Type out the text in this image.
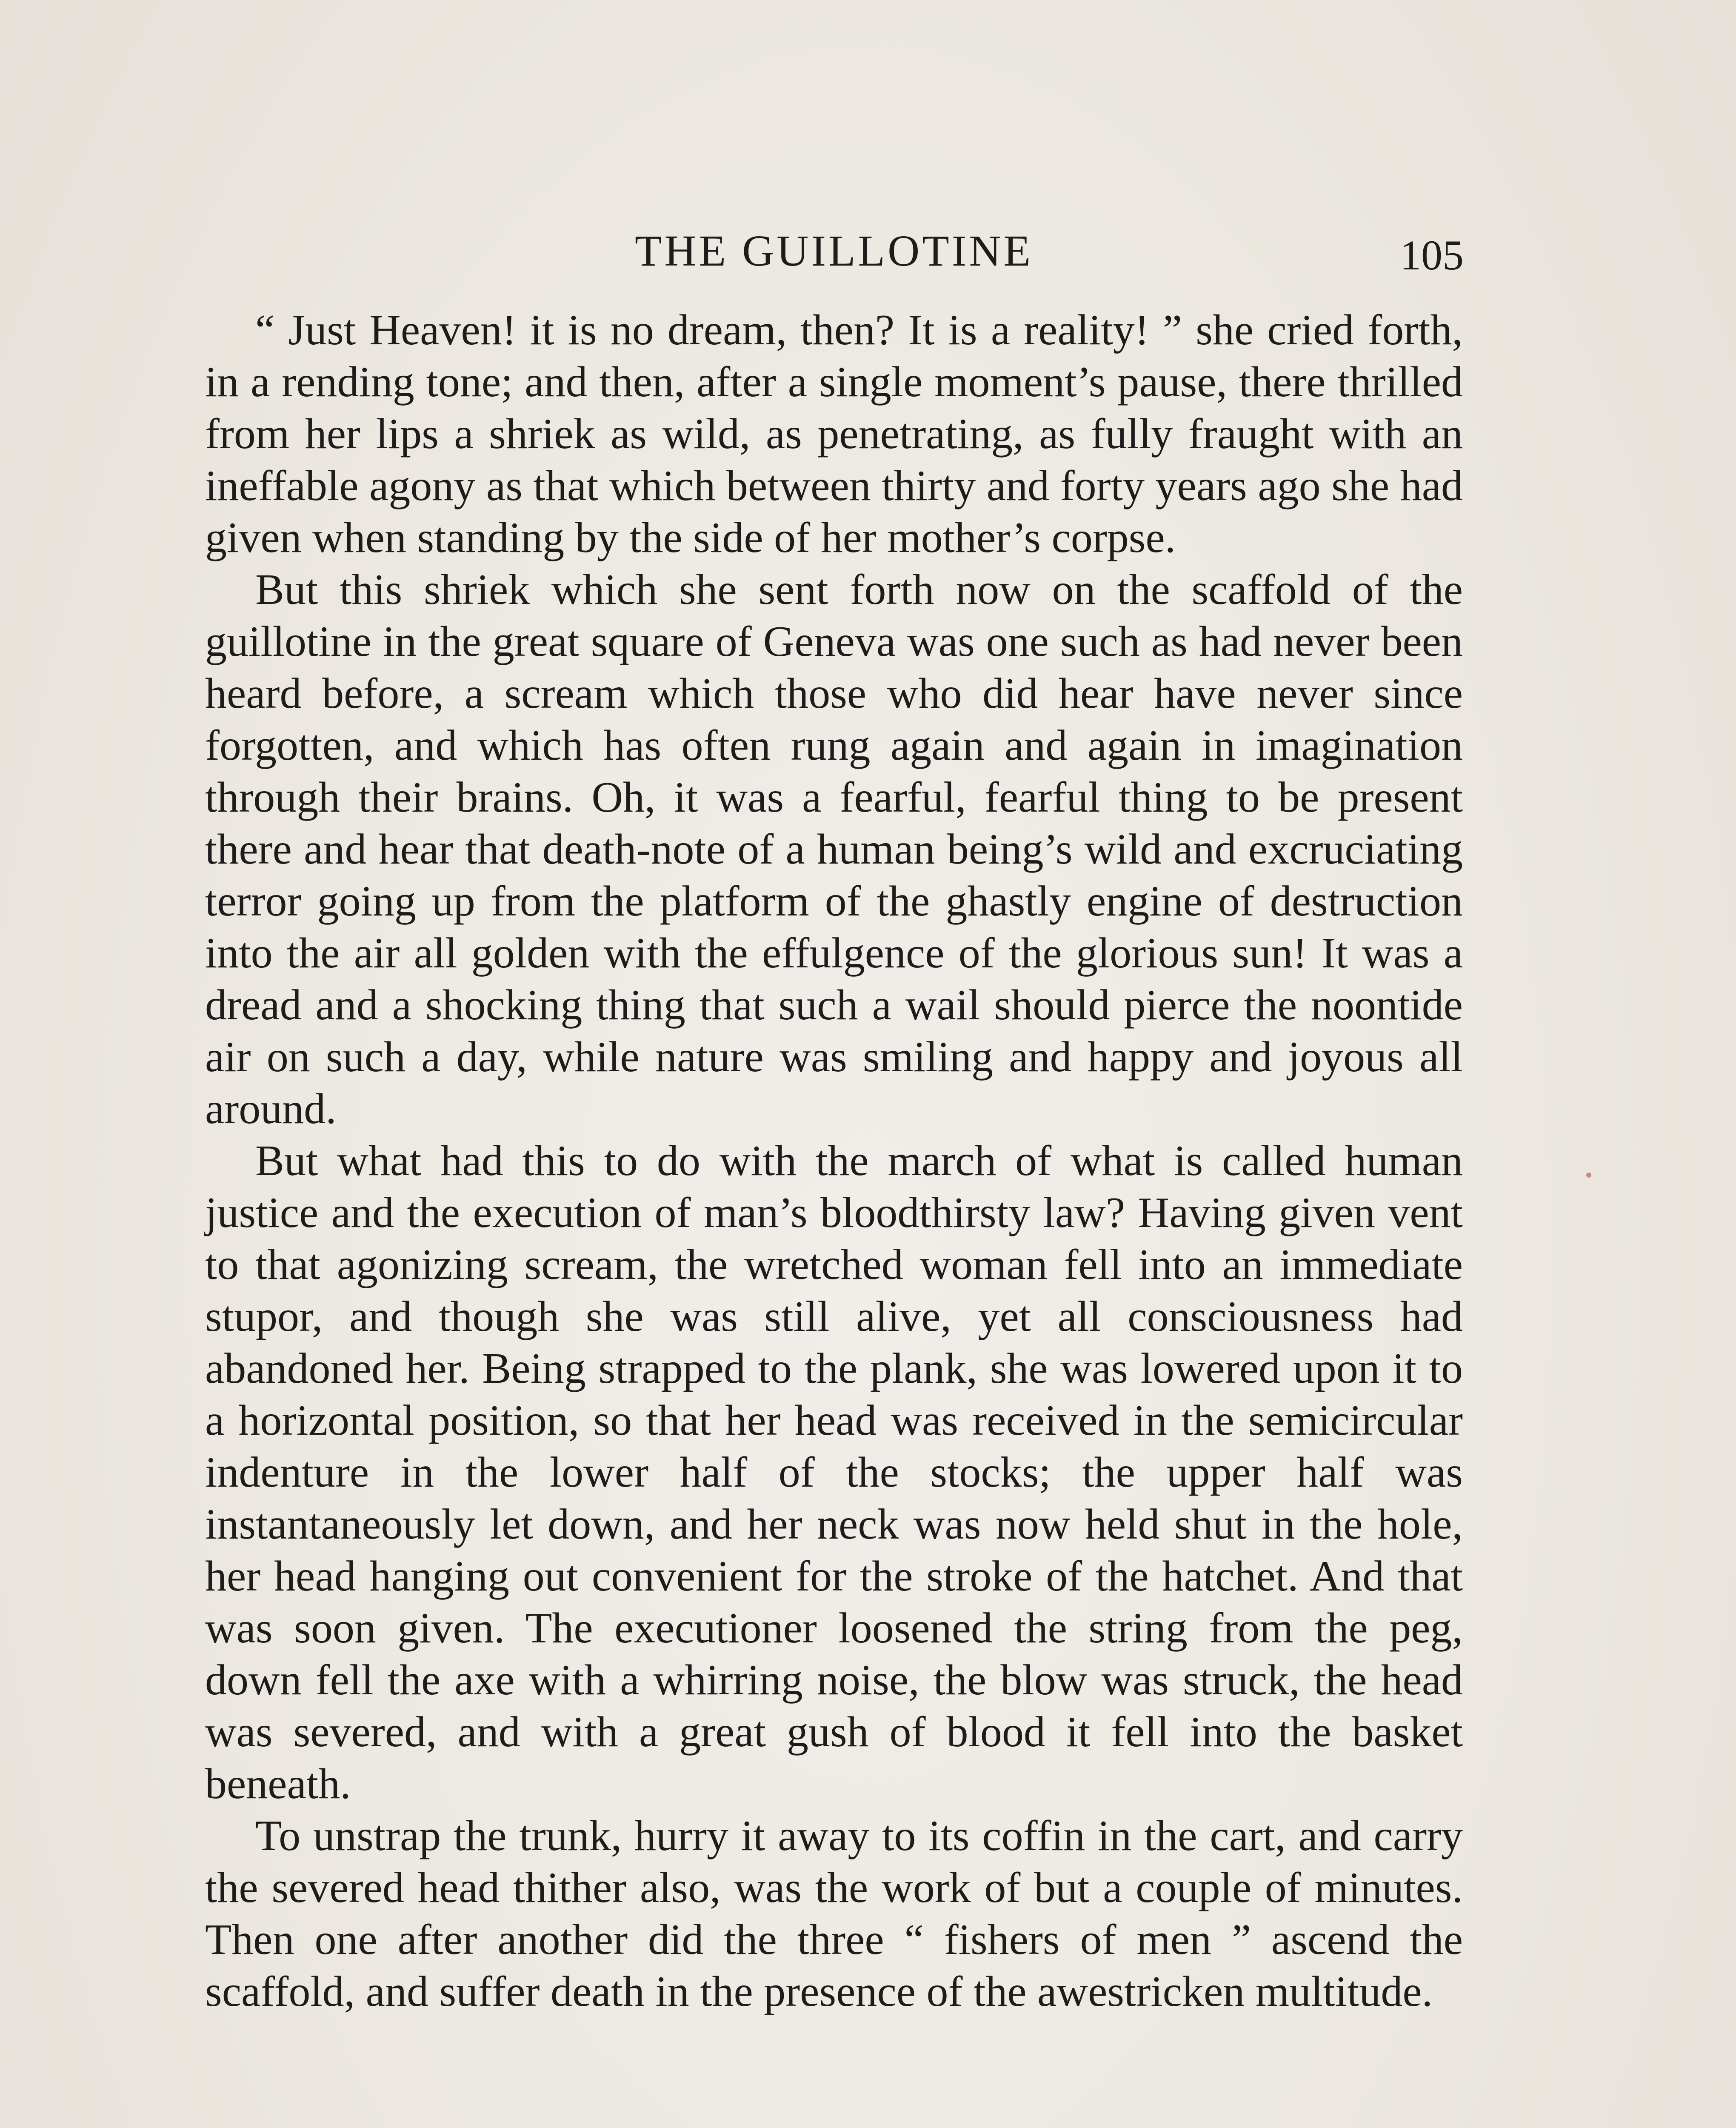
THE GUILLOTINE	105

“ Just Heaven! it is no dream, then? It is a reality! ” she cried forth, in a rending tone; and then, after a single moment’s pause, there thrilled from her lips a shriek as wild, as penetrating, as fully fraught with an ineffable agony as that which between thirty and forty years ago she had given when standing by the side of her mother’s corpse.

But this shriek which she sent forth now on the scaffold of the guillotine in the great square of Geneva was one such as had never been heard before, a scream which those who did hear have never since forgotten, and which has often rung again and again in imagination through their brains. Oh, it was a fearful, fearful thing to be present there and hear that death-note of a human being’s wild and excruciating terror going up from the platform of the ghastly engine of destruction into the air all golden with the effulgence of the glorious sun! It was a dread and a shocking thing that such a wail should pierce the noontide air on such a day, while nature was smiling and happy and joyous all around.

But what had this to do with the march of what is called human justice and the execution of man’s bloodthirsty law? Having given vent to that agonizing scream, the wretched woman fell into an immediate stupor, and though she was still alive, yet all consciousness had abandoned her. Being strapped to the plank, she was lowered upon it to a horizontal position, so that her head was received in the semicircular indenture in the lower half of the stocks; the upper half was instantaneously let down, and her neck was now held shut in the hole, her head hanging out convenient for the stroke of the hatchet. And that was soon given. The executioner loosened the string from the peg, down fell the axe with a whirring noise, the blow was struck, the head was severed, and with a great gush of blood it fell into the basket beneath.

To unstrap the trunk, hurry it away to its coffin in the cart, and carry the severed head thither also, was the work of but a couple of minutes. Then one after another did the three “ fishers of men ” ascend the scaffold, and suffer death in the presence of the awestricken multitude.
